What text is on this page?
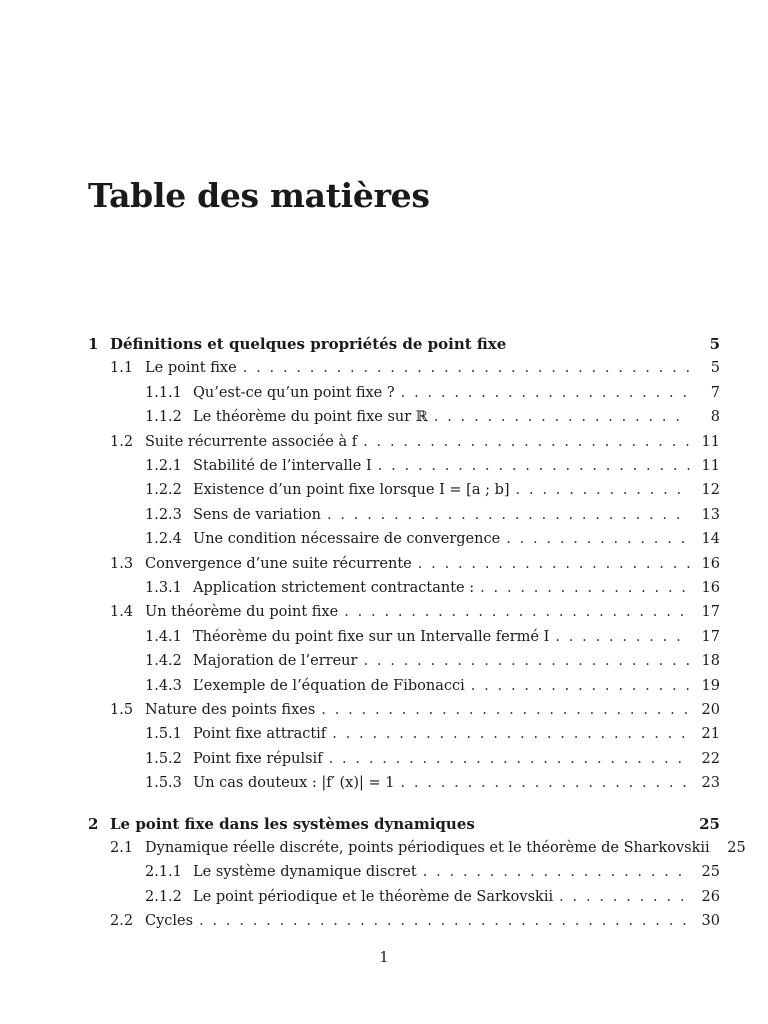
Table des matières
1 Définitions et quelques propriétés de point fixe	5
1.1 Le point fixe . . .	5
1.1.1 Qu’est-ce qu’un point fixe ? . . .	7
1.1.2 Le théorème du point fixe sur ℝ . . .	8
1.2 Suite récurrente associée à f . . .	11
1.2.1 Stabilité de l’intervalle I . . .	11
1.2.2 Existence d’un point fixe lorsque I = [a ; b] . . .	12
1.2.3 Sens de variation . . .	13
1.2.4 Une condition nécessaire de convergence . . .	14
1.3 Convergence d’une suite récurrente . . .	16
1.3.1 Application strictement contractante : . . .	16
1.4 Un théorème du point fixe . . .	17
1.4.1 Théorème du point fixe sur un Intervalle fermé I . . .	17
1.4.2 Majoration de l’erreur . . .	18
1.4.3 L’exemple de l’équation de Fibonacci . . .	19
1.5 Nature des points fixes . . .	20
1.5.1 Point fixe attractif . . .	21
1.5.2 Point fixe répulsif . . .	22
1.5.3 Un cas douteux : |f′ (x)| = 1 . . .	23
2 Le point fixe dans les systèmes dynamiques	25
2.1 Dynamique réelle discréte, points périodiques et le théorème de Sharkovskii	25
2.1.1 Le système dynamique discret . . .	25
2.1.2 Le point périodique et le théorème de Sarkovskii . . .	26
2.2 Cycles . . .	30
1
